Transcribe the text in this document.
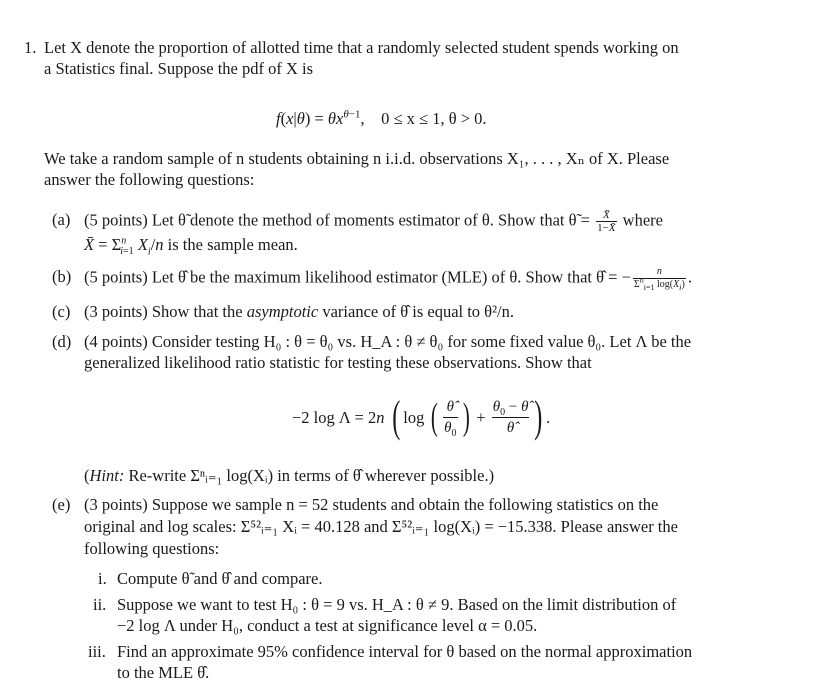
1. Let X denote the proportion of allotted time that a randomly selected student spends working on
a Statistics final. Suppose the pdf of X is
$f(x|\theta) = \theta x^{\theta-1}$,    0 ≤ x ≤ 1, θ > 0.
We take a random sample of n students obtaining n i.i.d. observations X₁, . . . , Xₙ of X. Please
answer the following questions:
(a) (5 points) Let θ̃ denote the method of moments estimator of θ. Show that θ̃ = $\frac{X̄}{1-X̄}$ where
X̄ = $\Sigma^n_{i=1}$ $X_i/n$ is the sample mean.
(b) (5 points) Let θ̂ be the maximum likelihood estimator (MLE) of θ. Show that θ̂ = − $\frac{n}{\Sigma^n_{i=1} \log(X_i)}$ .
(c) (3 points) Show that the asymptotic variance of θ̂ is equal to θ²/n.
(d) (4 points) Consider testing H₀ : θ = θ₀ vs. H_A : θ ≠ θ₀ for some fixed value θ₀. Let Λ be the
generalized likelihood ratio statistic for testing these observations. Show that
−2 log Λ = 2n ( log ( $\frac{\thetâ}{\theta_0}$ ) + $\frac{\theta_0 - \thetâ}{\thetâ}$ ) .
(Hint: Re-write Σⁿᵢ₌₁ log(Xᵢ) in terms of θ̂ wherever possible.)
(e) (3 points) Suppose we sample n = 52 students and obtain the following statistics on the
original and log scales: Σ⁵²ᵢ₌₁ Xᵢ = 40.128 and Σ⁵²ᵢ₌₁ log(Xᵢ) = −15.338. Please answer the
following questions:
i. Compute θ̃ and θ̂ and compare.
ii. Suppose we want to test H₀ : θ = 9 vs. H_A : θ ≠ 9. Based on the limit distribution of
−2 log Λ under H₀, conduct a test at significance level α = 0.05.
iii. Find an approximate 95% confidence interval for θ based on the normal approximation
to the MLE θ̂.
